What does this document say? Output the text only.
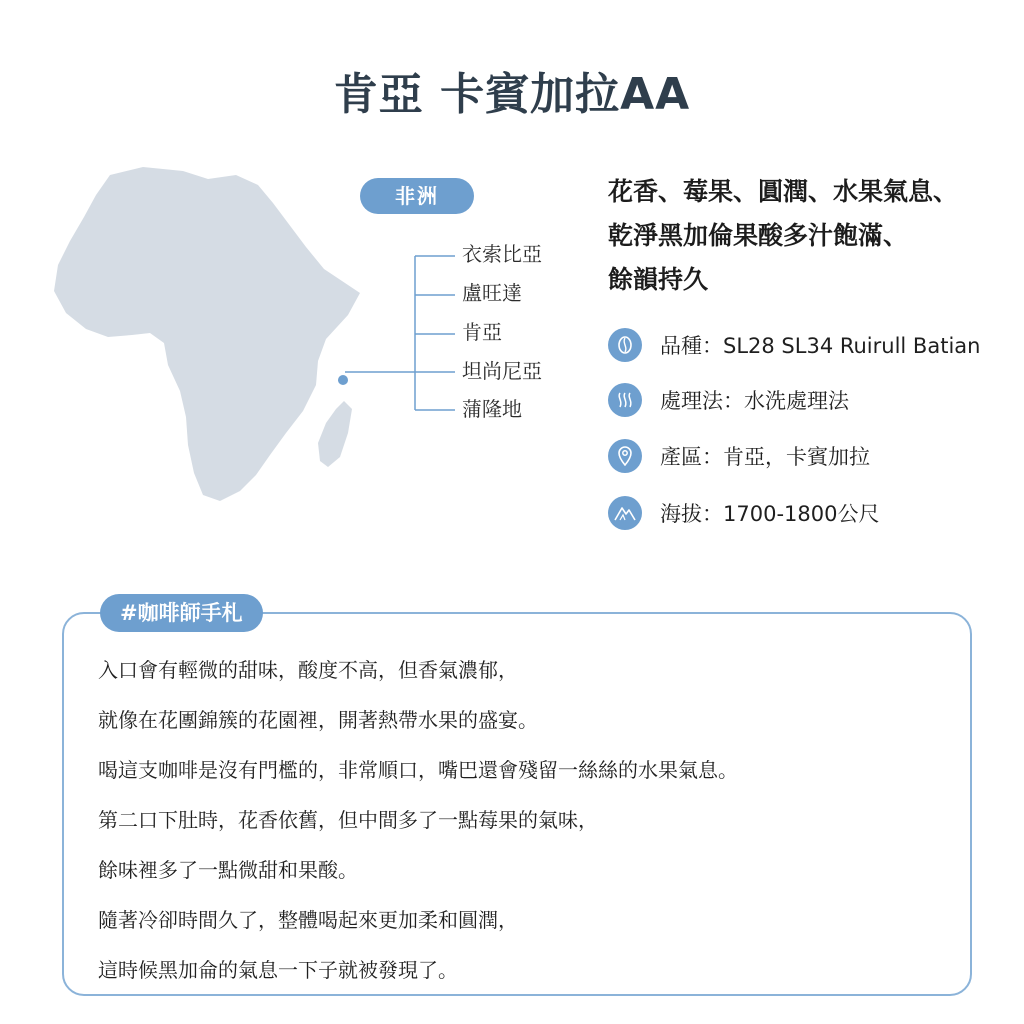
肯亞 卡賓加拉AA
非洲
衣索比亞
盧旺達
肯亞
坦尚尼亞
蒲隆地
花香、莓果、圓潤、水果氣息、
乾淨黑加倫果酸多汁飽滿、
餘韻持久
品種：SL28 SL34 Ruirull Batian
處理法：水洗處理法
產區：肯亞，卡賓加拉
海拔：1700-1800公尺
#咖啡師手札
入口會有輕微的甜味，酸度不高，但香氣濃郁，
就像在花團錦簇的花園裡，開著熱帶水果的盛宴。
喝這支咖啡是沒有門檻的，非常順口，嘴巴還會殘留一絲絲的水果氣息。
第二口下肚時，花香依舊，但中間多了一點莓果的氣味，
餘味裡多了一點微甜和果酸。
隨著冷卻時間久了，整體喝起來更加柔和圓潤，
這時候黑加侖的氣息一下子就被發現了。
